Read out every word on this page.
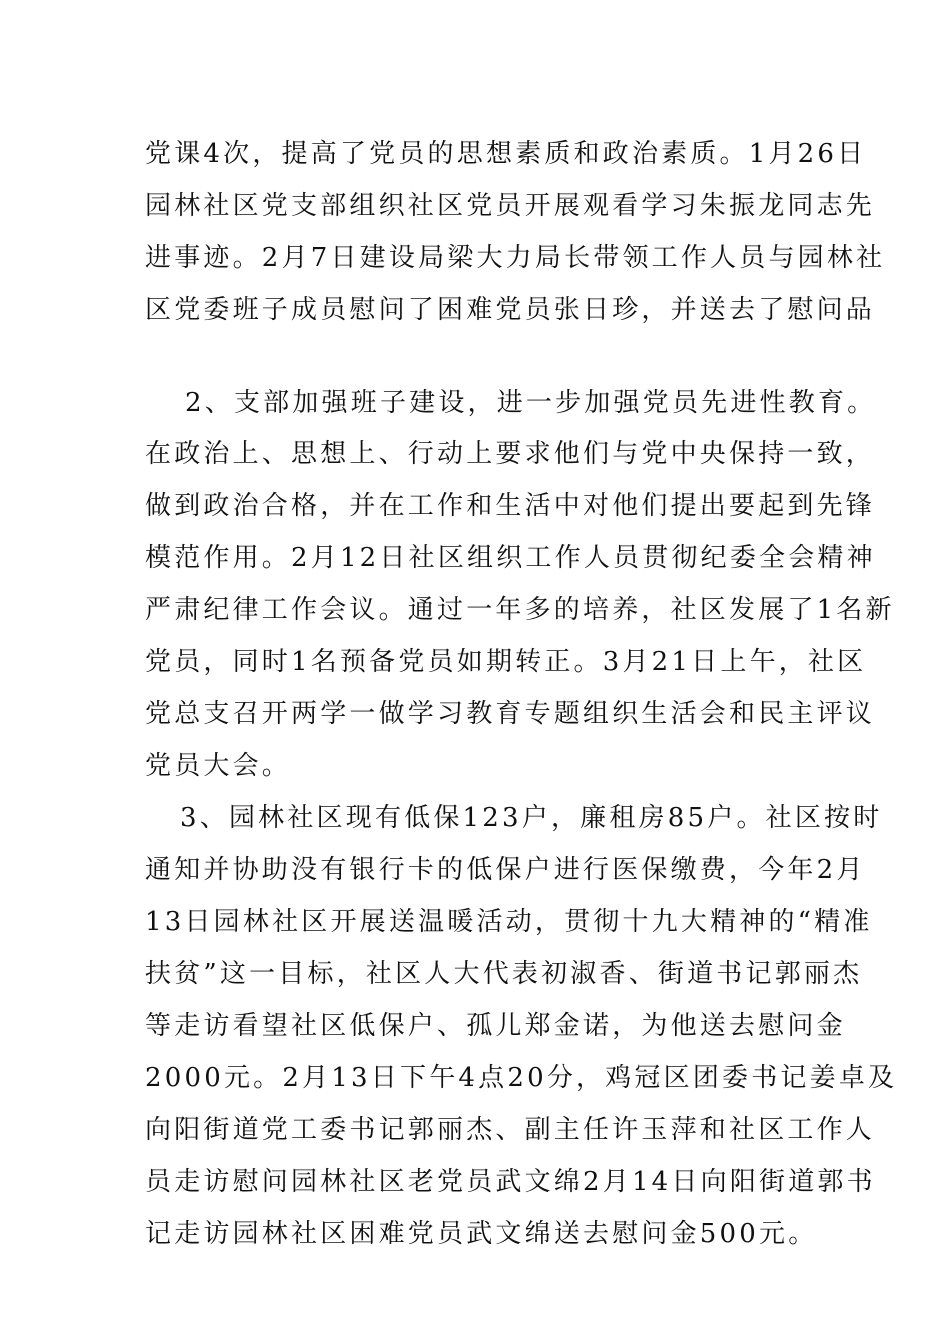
党课4次，提高了党员的思想素质和政治素质。1月26日
园林社区党支部组织社区党员开展观看学习朱振龙同志先
进事迹。2月7日建设局梁大力局长带领工作人员与园林社
区党委班子成员慰问了困难党员张日珍，并送去了慰问品
2、支部加强班子建设，进一步加强党员先进性教育。
在政治上、思想上、行动上要求他们与党中央保持一致，
做到政治合格，并在工作和生活中对他们提出要起到先锋
模范作用。2月12日社区组织工作人员贯彻纪委全会精神
严肃纪律工作会议。通过一年多的培养，社区发展了1名新
党员，同时1名预备党员如期转正。3月21日上午，社区
党总支召开两学一做学习教育专题组织生活会和民主评议
党员大会。
3、园林社区现有低保123户，廉租房85户。社区按时
通知并协助没有银行卡的低保户进行医保缴费，今年2月
13日园林社区开展送温暖活动，贯彻十九大精神的“精准
扶贫”这一目标，社区人大代表初淑香、街道书记郭丽杰
等走访看望社区低保户、孤儿郑金诺，为他送去慰问金
2000元。2月13日下午4点20分，鸡冠区团委书记姜卓及
向阳街道党工委书记郭丽杰、副主任许玉萍和社区工作人
员走访慰问园林社区老党员武文绵2月14日向阳街道郭书
记走访园林社区困难党员武文绵送去慰问金500元。
